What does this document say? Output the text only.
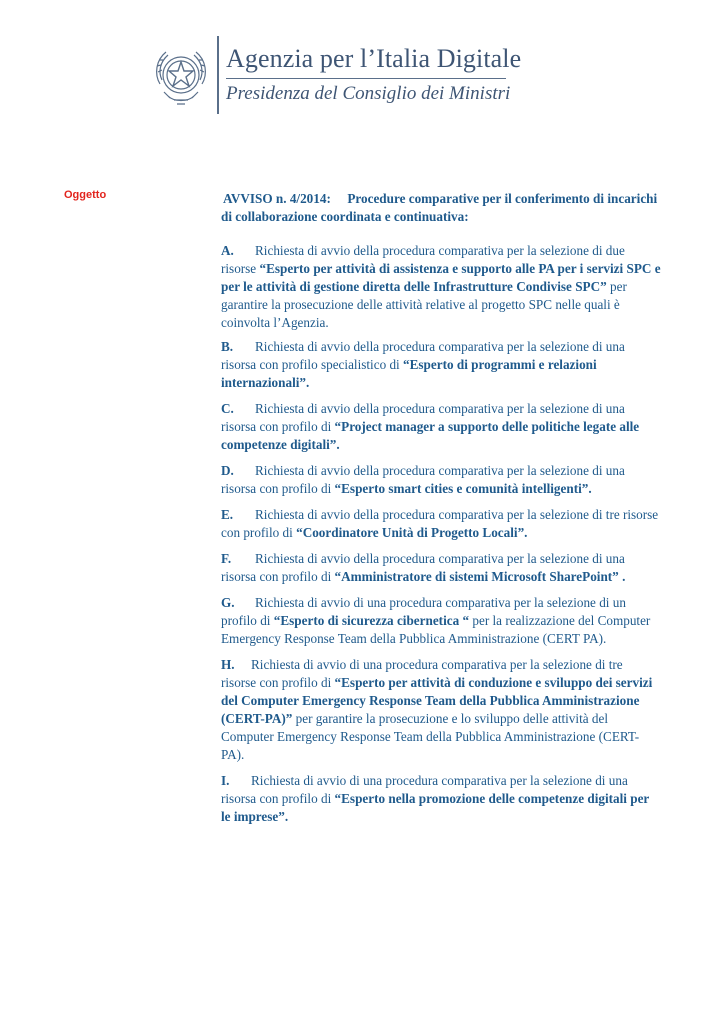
Agenzia per l’Italia Digitale
Presidenza del Consiglio dei Ministri
Oggetto	AVVISO n. 4/2014: Procedure comparative per il conferimento di incarichi di collaborazione coordinata e continuativa:

A. Richiesta di avvio della procedura comparativa per la selezione di due risorse “Esperto per attività di assistenza e supporto alle PA per i servizi SPC e per le attività di gestione diretta delle Infrastrutture Condivise SPC” per garantire la prosecuzione delle attività relative al progetto SPC nelle quali è coinvolta l’Agenzia.

B. Richiesta di avvio della procedura comparativa per la selezione di una risorsa con profilo specialistico di “Esperto di programmi e relazioni internazionali”.

C. Richiesta di avvio della procedura comparativa per la selezione di una risorsa con profilo di “Project manager a supporto delle politiche legate alle competenze digitali”.

D. Richiesta di avvio della procedura comparativa per la selezione di una risorsa con profilo di “Esperto smart cities e comunità intelligenti”.

E. Richiesta di avvio della procedura comparativa per la selezione di tre risorse con profilo di “Coordinatore Unità di Progetto Locali”.

F. Richiesta di avvio della procedura comparativa per la selezione di una risorsa con profilo di “Amministratore di sistemi Microsoft SharePoint” .

G. Richiesta di avvio di una procedura comparativa per la selezione di un profilo di “Esperto di sicurezza cibernetica “ per la realizzazione del Computer Emergency Response Team della Pubblica Amministrazione (CERT PA).

H. Richiesta di avvio di una procedura comparativa per la selezione di tre risorse con profilo di “Esperto per attività di conduzione e sviluppo dei servizi del Computer Emergency Response Team della Pubblica Amministrazione (CERT-PA)” per garantire la prosecuzione e lo sviluppo delle attività del Computer Emergency Response Team della Pubblica Amministrazione (CERT-PA).

I. Richiesta di avvio di una procedura comparativa per la selezione di una risorsa con profilo di “Esperto nella promozione delle competenze digitali per le imprese”.
